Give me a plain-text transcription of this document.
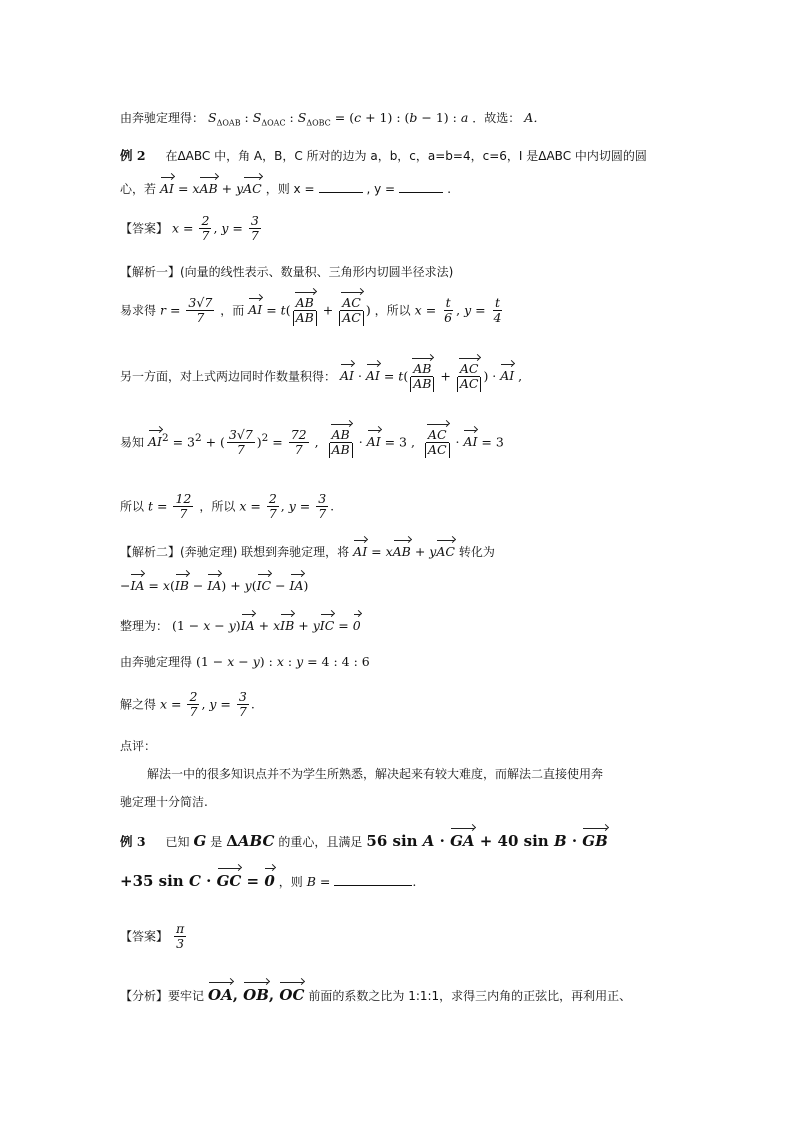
由奔驰定理得： $S_{\Delta OAB}$ : $S_{\Delta OAC}$ : $S_{\Delta OBC} = (c + 1)$ : (b − 1) : a ．故选： A．
例 2 在ΔABC 中，角 A，B，C 所对的边为 a，b，c，a=b=4，c=6，I 是ΔABC 中内切圆的圆
心，若 AI = xAB + yAC ，则 x =	, y =	.
【答案】 $x = \frac{2}{7}$ , $y = \frac{3}{7}$
【解析一】(向量的线性表示、数量积、三角形内切圆半径求法)
易求得 $r = \frac{3√7}{7}$ ，而 AI = $t( \frac{AB}{AB} + \frac{AC}{AC}$ ) ，所以 $x = \frac{t}{6}$ , $y = \frac{t}{4}$
另一方面，对上式两边同时作数量积得： AI · AI = $t( \frac{AB}{AB} + \frac{AC}{AC}$ ) · AI ,
易知 $AI^2 = 3^2$ + ( $\frac{3√7}{7} )^2 = \frac{72}{7}$ , $\frac{AB}{AB}$ · AI = 3 , $\frac{AC}{AC}$ · AI = 3
所以 $t = \frac{12}{7}$ ，所以 $x = \frac{2}{7}$ , $y = \frac{3}{7}$ .
【解析二】(奔驰定理) 联想到奔驰定理，将 AI = xAB + yAC 转化为
−IA = x(IB − IA) + y(IC − IA)
整理为： (1 − x − y)IA + xIB + yIC = 0
由奔驰定理得 (1 − x − y) : x : y = 4 : 4 : 6
解之得 $x = \frac{2}{7}$ , $y = \frac{3}{7}$ .
点评：
解法一中的很多知识点并不为学生所熟悉，解决起来有较大难度，而解法二直接使用奔
驰定理十分简洁.
例 3 已知 G 是 ΔABC 的重心，且满足 56 sin A · GA + 40 sin B · GB
+35 sin C · GC = 0 ，则 B =	.
【答案】 $\frac{\pi}{3}$
【分析】要牢记 OA, OB, OC 前面的系数之比为 1:1:1，求得三内角的正弦比，再利用正、
